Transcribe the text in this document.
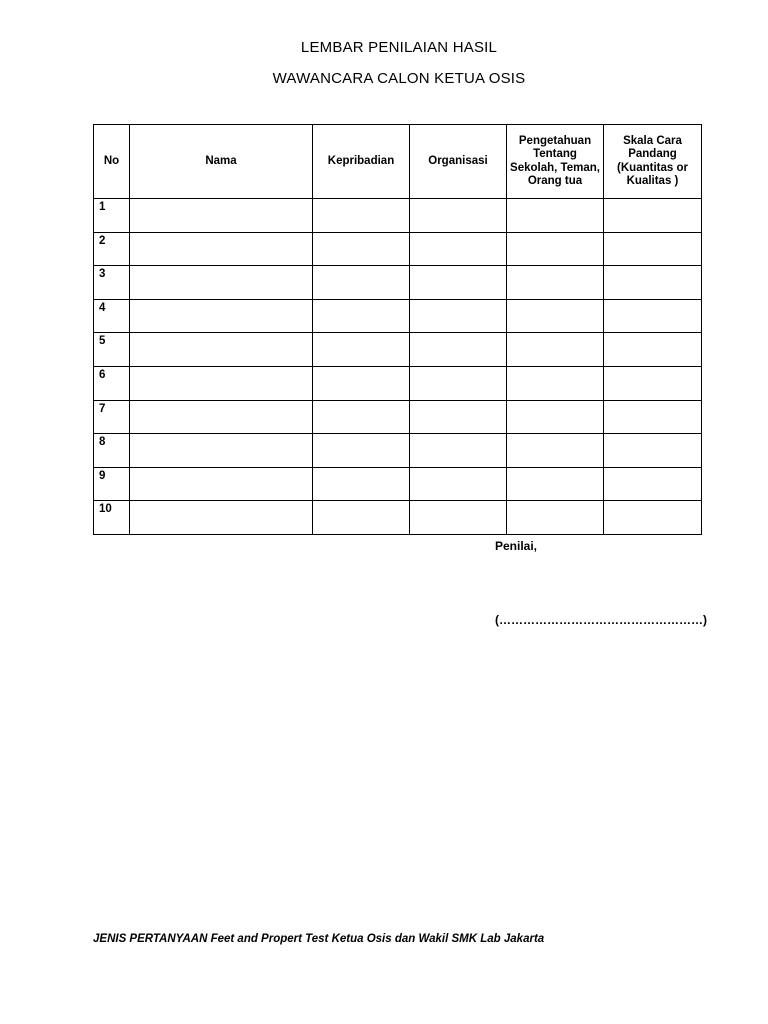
LEMBAR PENILAIAN HASIL
WAWANCARA CALON KETUA OSIS
No	Nama	Kepribadian	Organisasi	Pengetahuan Tentang Sekolah, Teman, Orang tua	Skala Cara Pandang (Kuantitas or Kualitas )
1					
2					
3					
4					
5					
6					
7					
8					
9					
10					
Penilai,
(……………………………………………)
JENIS PERTANYAAN Feet and Propert Test Ketua Osis dan Wakil SMK Lab Jakarta
